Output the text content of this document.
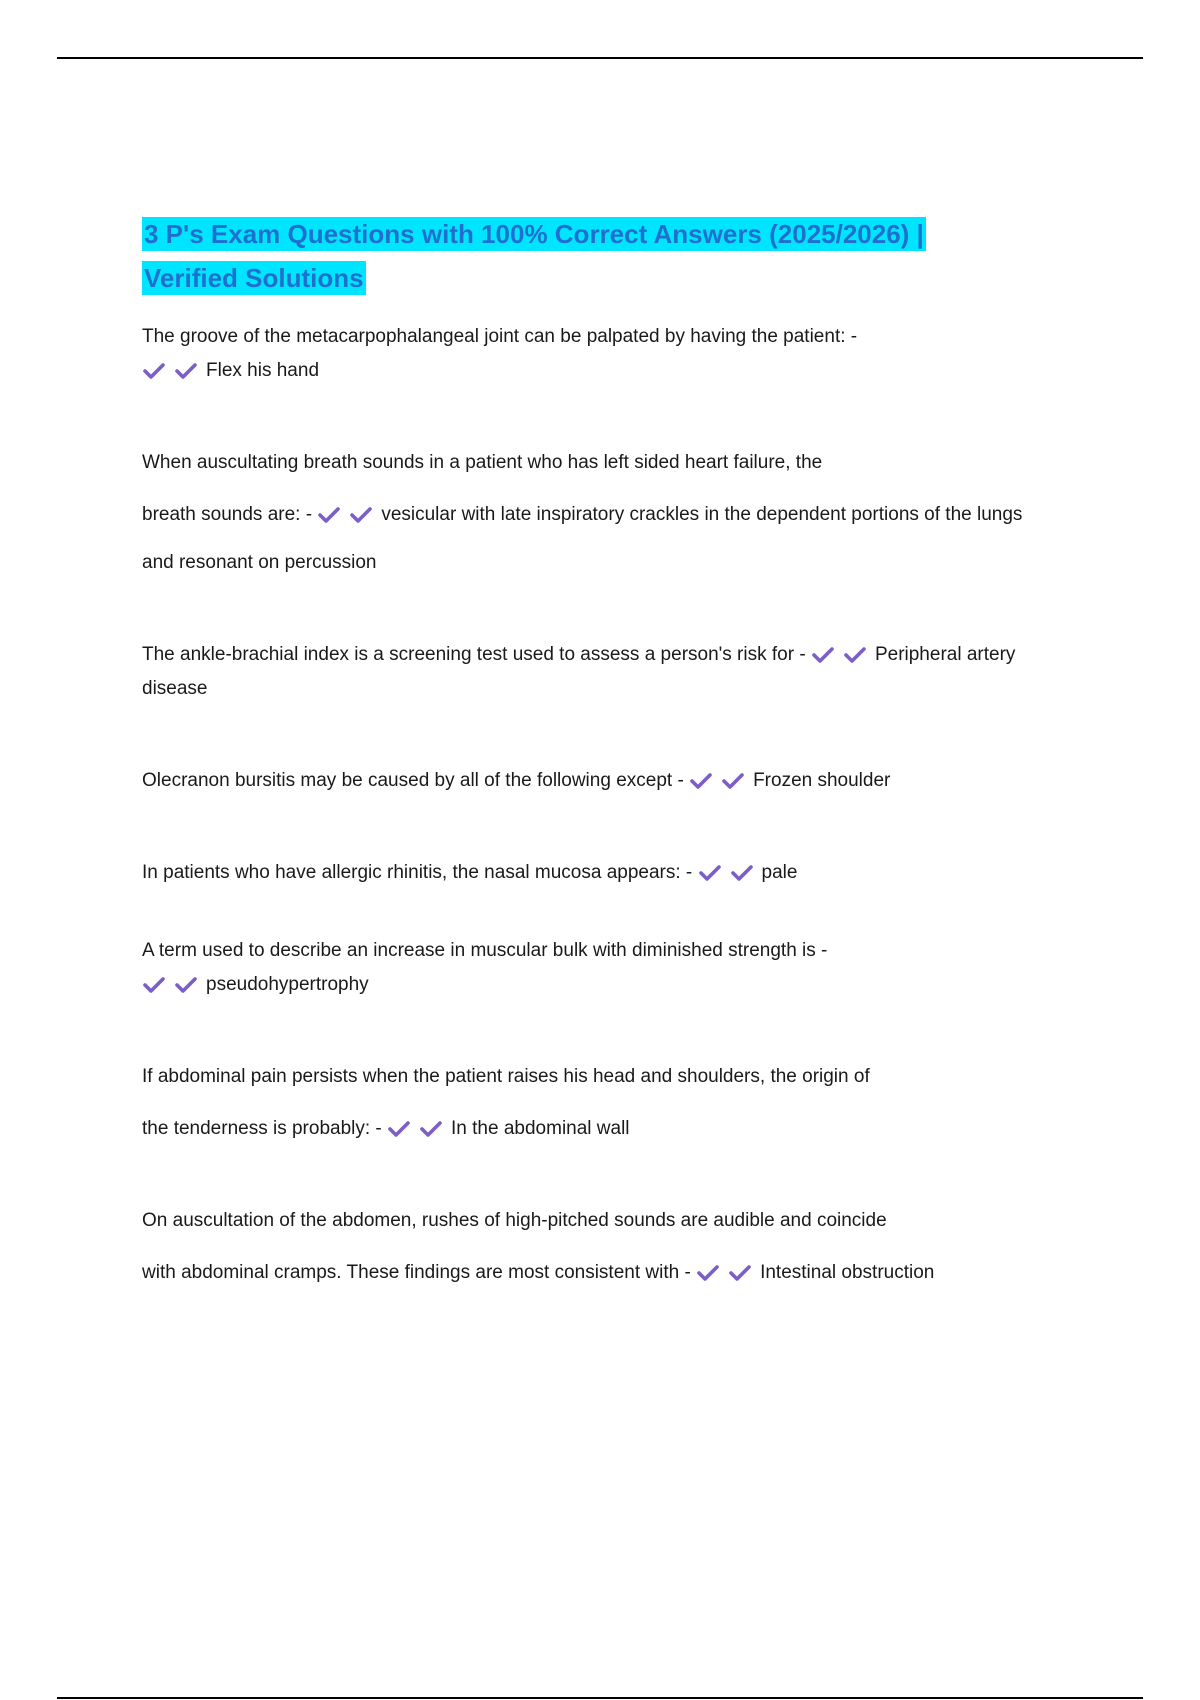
3 P's Exam Questions with 100% Correct Answers (2025/2026) |
Verified Solutions

The groove of the metacarpophalangeal joint can be palpated by having the patient: -

Flex his hand

When auscultating breath sounds in a patient who has left sided heart failure, the

breath sounds are: -	vesicular with late inspiratory crackles in the dependent portions of the lungs

and resonant on percussion

The ankle-brachial index is a screening test used to assess a person's risk for -	Peripheral artery disease

Olecranon bursitis may be caused by all of the following except -	Frozen shoulder

In patients who have allergic rhinitis, the nasal mucosa appears: -	pale

A term used to describe an increase in muscular bulk with diminished strength is -

pseudohypertrophy

If abdominal pain persists when the patient raises his head and shoulders, the origin of

the tenderness is probably: -	In the abdominal wall

On auscultation of the abdomen, rushes of high-pitched sounds are audible and coincide

with abdominal cramps. These findings are most consistent with -	Intestinal obstruction
